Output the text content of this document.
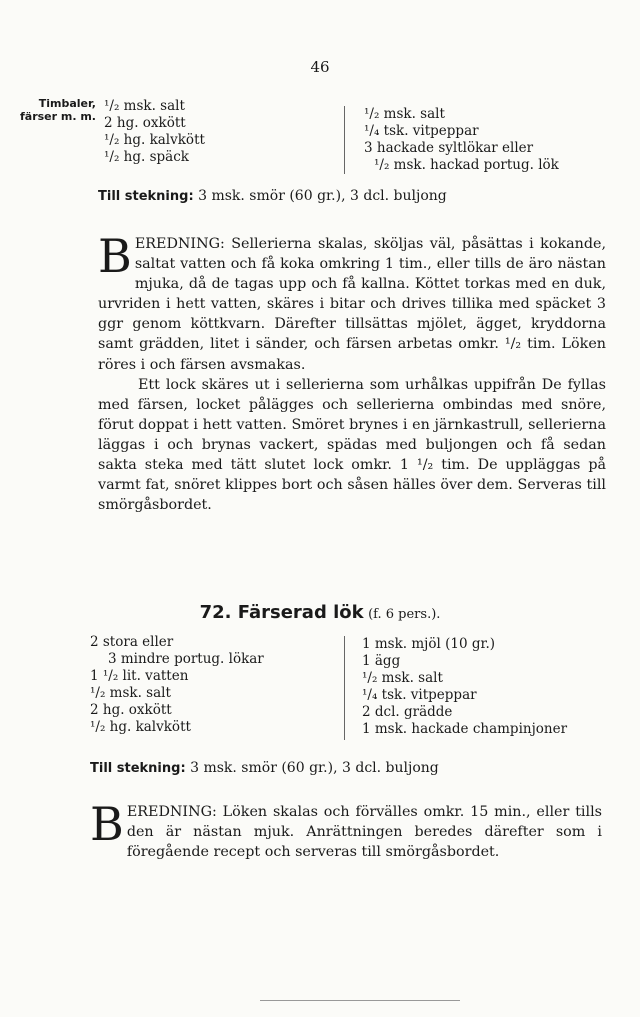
46
Timbaler,
färser m. m.
¹/₂ msk. salt
2 hg. oxkött
¹/₂ hg. kalvkött
¹/₂ hg. späck
¹/₂ msk. salt
¹/₄ tsk. vitpeppar
3 hackade syltlökar eller
¹/₂ msk. hackad portug. lök
Till stekning: 3 msk. smör (60 gr.), 3 dcl. buljong

BEREDNING: Sellerierna skalas, sköljas väl, påsättas i kokande, saltat vatten och få koka omkring 1 tim., eller tills de äro nästan mjuka, då de tagas upp och få kallna. Köttet torkas med en duk, urvriden i hett vatten, skäres i bitar och drives tillika med späcket 3 ggr genom köttkvarn. Därefter tillsättas mjölet, ägget, kryddorna samt grädden, litet i sänder, och färsen arbetas omkr. ¹/₂ tim. Löken röres i och färsen avsmakas.

Ett lock skäres ut i sellerierna som urhålkas uppifrån De fyllas med färsen, locket pålägges och sellerierna ombindas med snöre, förut doppat i hett vatten. Smöret brynes i en järnkastrull, sellerierna läggas i och brynas vackert, spädas med buljongen och få sedan sakta steka med tätt slutet lock omkr. 1 ¹/₂ tim. De uppläggas på varmt fat, snöret klippes bort och såsen hälles över dem. Serveras till smörgåsbordet.

72. Färserad lök (f. 6 pers.).
2 stora eller
3 mindre portug. lökar
1 ¹/₂ lit. vatten
¹/₂ msk. salt
2 hg. oxkött
¹/₂ hg. kalvkött
1 msk. mjöl (10 gr.)
1 ägg
¹/₂ msk. salt
¹/₄ tsk. vitpeppar
2 dcl. grädde
1 msk. hackade champinjoner
Till stekning: 3 msk. smör (60 gr.), 3 dcl. buljong

BEREDNING: Löken skalas och förvälles omkr. 15 min., eller tills den är nästan mjuk. Anrättningen beredes därefter som i föregående recept och serveras till smörgåsbordet.
